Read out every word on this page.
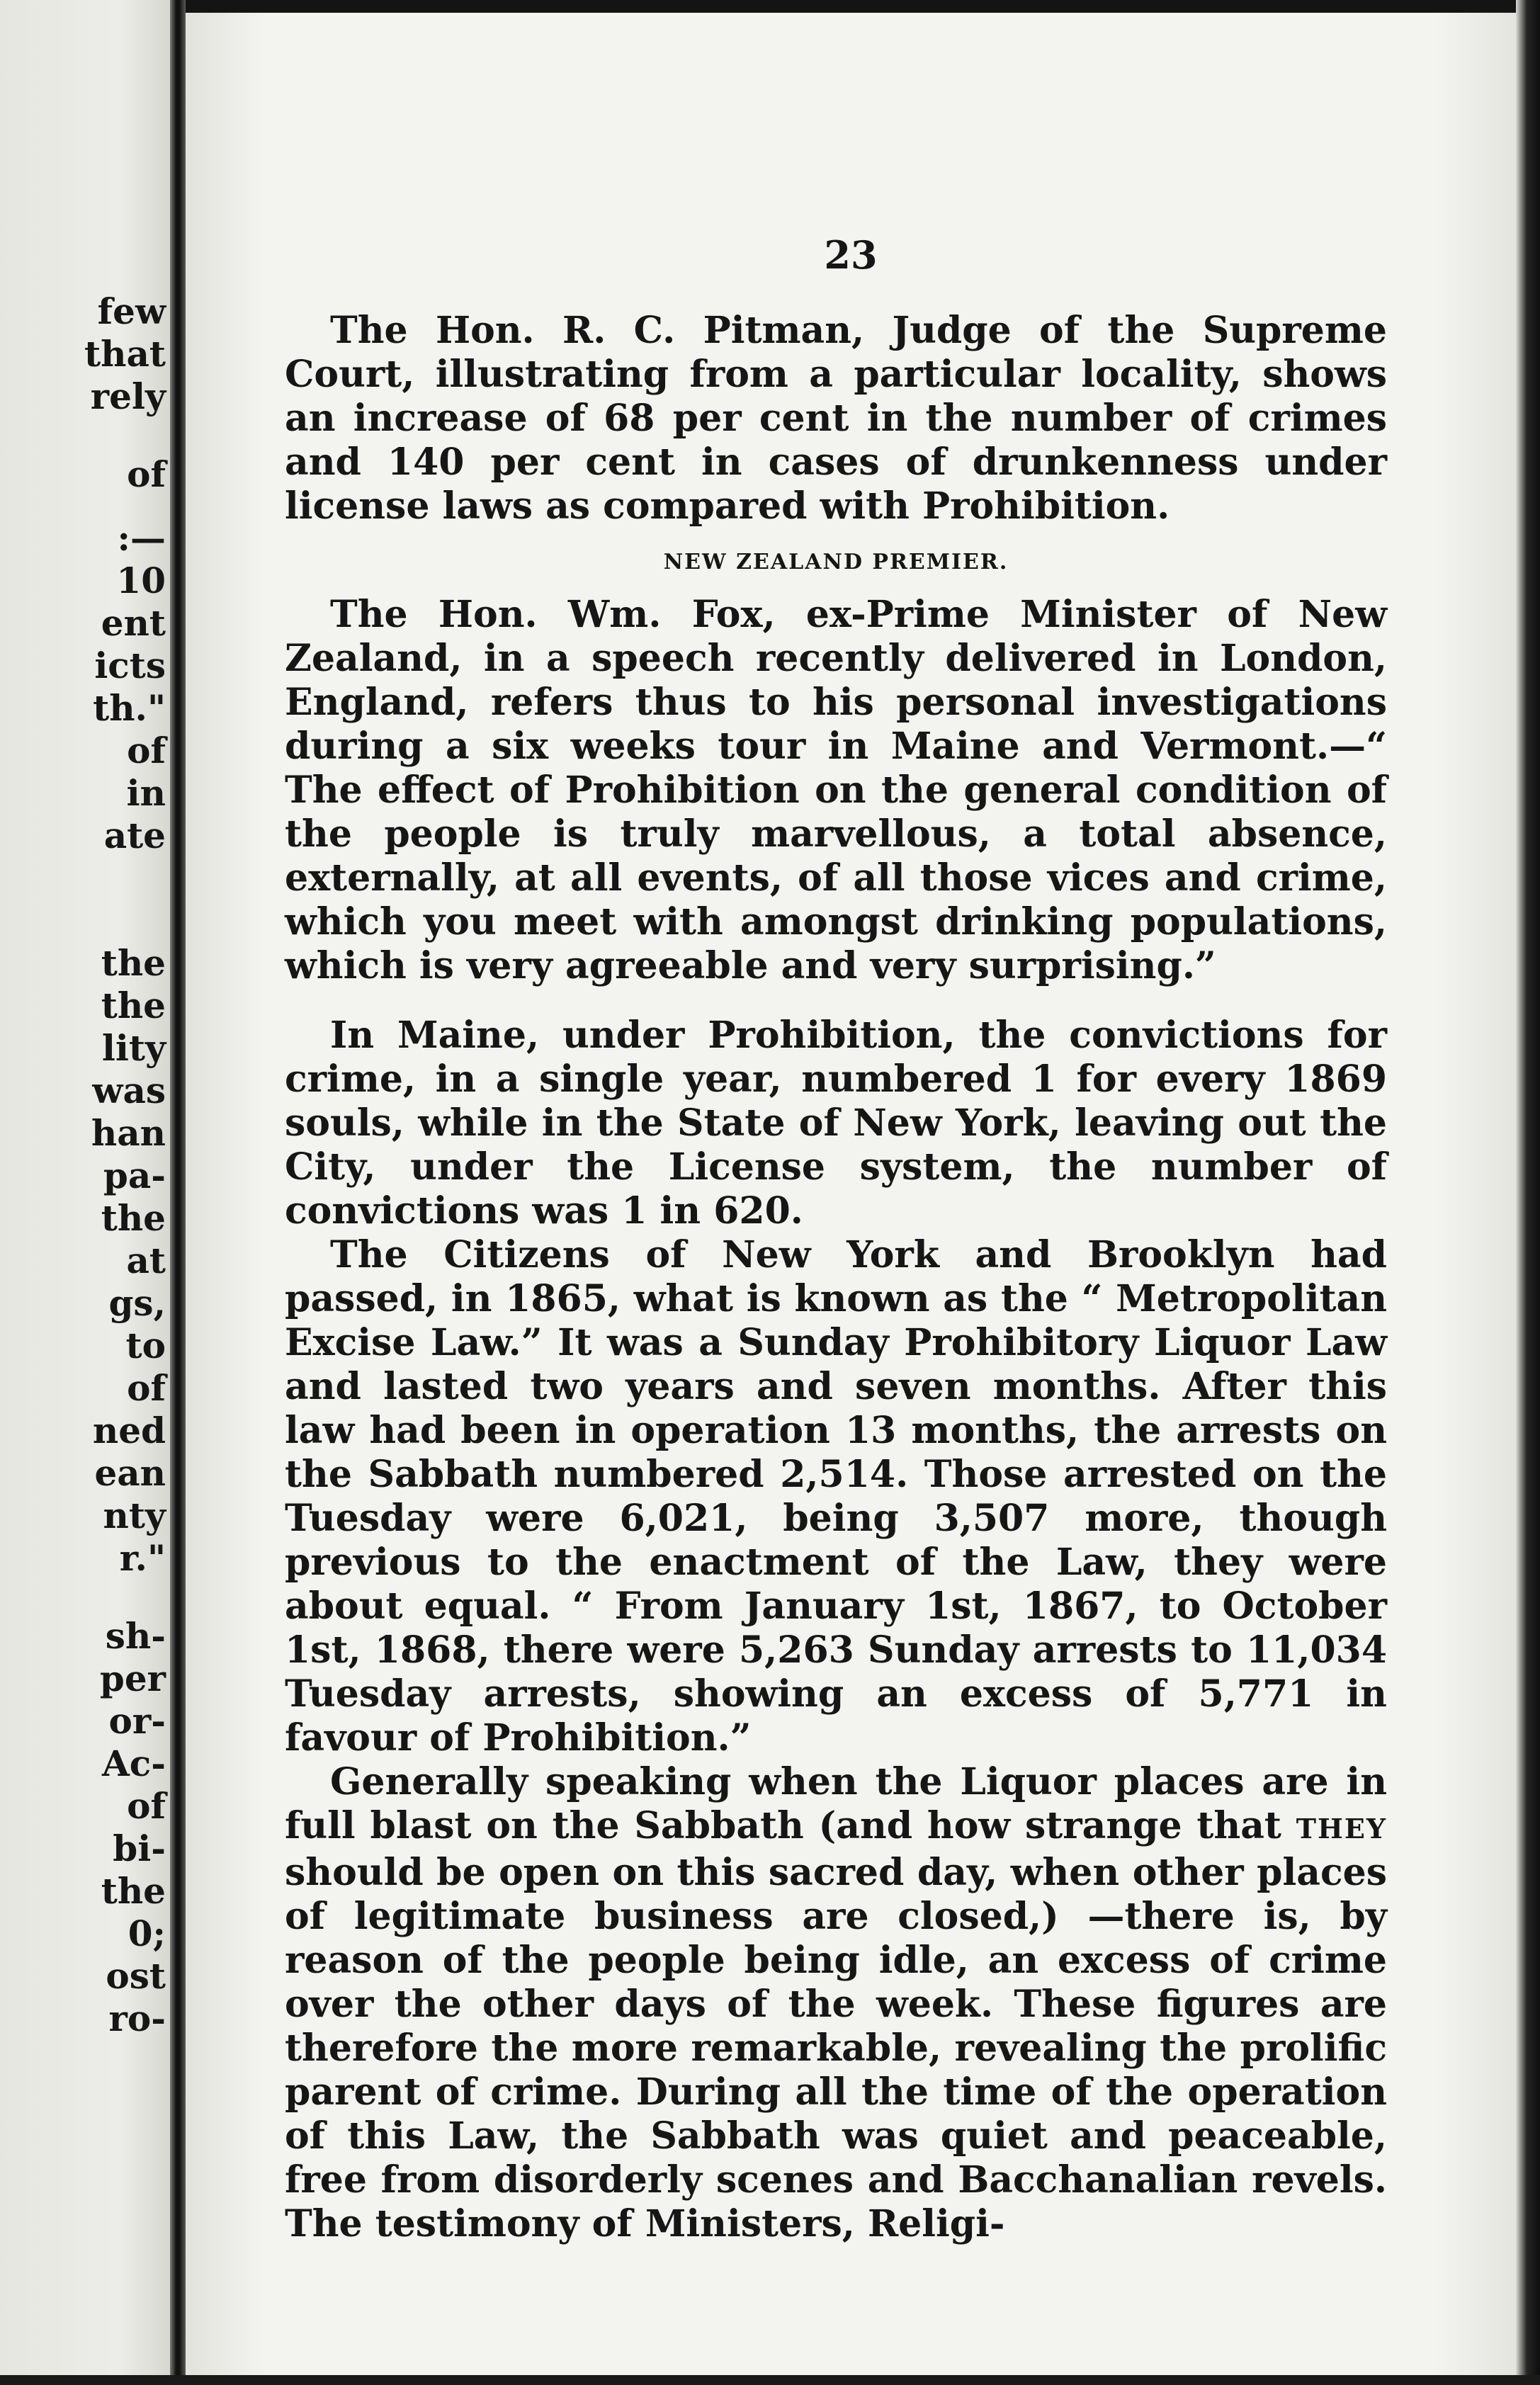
few
that
rely
of
:—
10
ent
icts
th."
of
in
ate
the
the
lity
was
han
pa-
the
at
gs,
to
of
ned
ean
nty
r."
sh-
per
or-
Ac-
of
bi-
the
0;
ost
ro-
23

The Hon. R. C. Pitman, Judge of the Supreme Court, illustrating from a particular locality, shows an increase of 68 per cent in the number of crimes and 140 per cent in cases of drunkenness under license laws as compared with Prohibition.

NEW ZEALAND PREMIER.

The Hon. Wm. Fox, ex-Prime Minister of New Zealand, in a speech recently delivered in London, England, refers thus to his personal investigations during a six weeks tour in Maine and Vermont.—“ The effect of Prohibition on the general condition of the people is truly marvellous, a total absence, externally, at all events, of all those vices and crime, which you meet with amongst drinking populations, which is very agreeable and very surprising.”

In Maine, under Prohibition, the convictions for crime, in a single year, numbered 1 for every 1869 souls, while in the State of New York, leaving out the City, under the License system, the number of convictions was 1 in 620.

The Citizens of New York and Brooklyn had passed, in 1865, what is known as the “ Metropolitan Excise Law.” It was a Sunday Prohibitory Liquor Law and lasted two years and seven months. After this law had been in operation 13 months, the arrests on the Sabbath numbered 2,514. Those arrested on the Tuesday were 6,021, being 3,507 more, though previous to the enactment of the Law, they were about equal. “ From January 1st, 1867, to October 1st, 1868, there were 5,263 Sunday arrests to 11,034 Tuesday arrests, showing an excess of 5,771 in favour of Prohibition.”

Generally speaking when the Liquor places are in full blast on the Sabbath (and how strange that THEY should be open on this sacred day, when other places of legitimate business are closed,) —there is, by reason of the people being idle, an excess of crime over the other days of the week. These figures are therefore the more remarkable, revealing the prolific parent of crime. During all the time of the operation of this Law, the Sabbath was quiet and peaceable, free from disorderly scenes and Bacchanalian revels. The testimony of Ministers, Religi-
